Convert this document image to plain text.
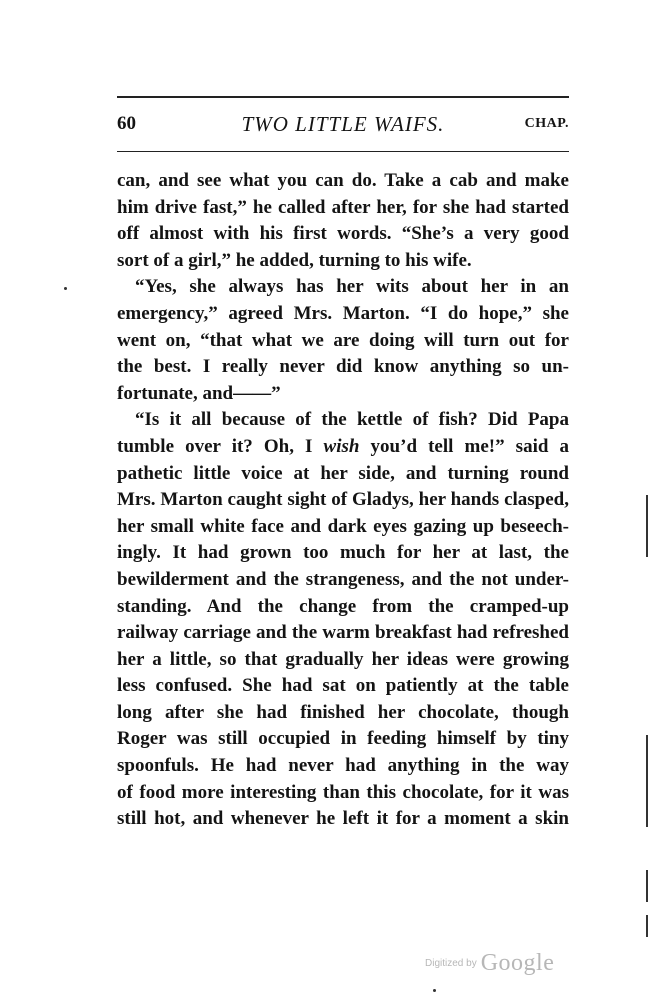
60	TWO LITTLE WAIFS.	CHAP.
can, and see what you can do. Take a cab and make
him drive fast,” he called after her, for she had started
off almost with his first words. “She’s a very good
sort of a girl,” he added, turning to his wife.
“Yes, she always has her wits about her in an
emergency,” agreed Mrs. Marton. “I do hope,” she
went on, “that what we are doing will turn out for
the best. I really never did know anything so un-
fortunate, and——”
“Is it all because of the kettle of fish? Did Papa
tumble over it? Oh, I wish you’d tell me!” said a
pathetic little voice at her side, and turning round
Mrs. Marton caught sight of Gladys, her hands clasped,
her small white face and dark eyes gazing up beseech-
ingly. It had grown too much for her at last, the
bewilderment and the strangeness, and the not under-
standing. And the change from the cramped-up
railway carriage and the warm breakfast had refreshed
her a little, so that gradually her ideas were growing
less confused. She had sat on patiently at the table
long after she had finished her chocolate, though
Roger was still occupied in feeding himself by tiny
spoonfuls. He had never had anything in the way
of food more interesting than this chocolate, for it was
still hot, and whenever he left it for a moment a skin
Digitized by Google
